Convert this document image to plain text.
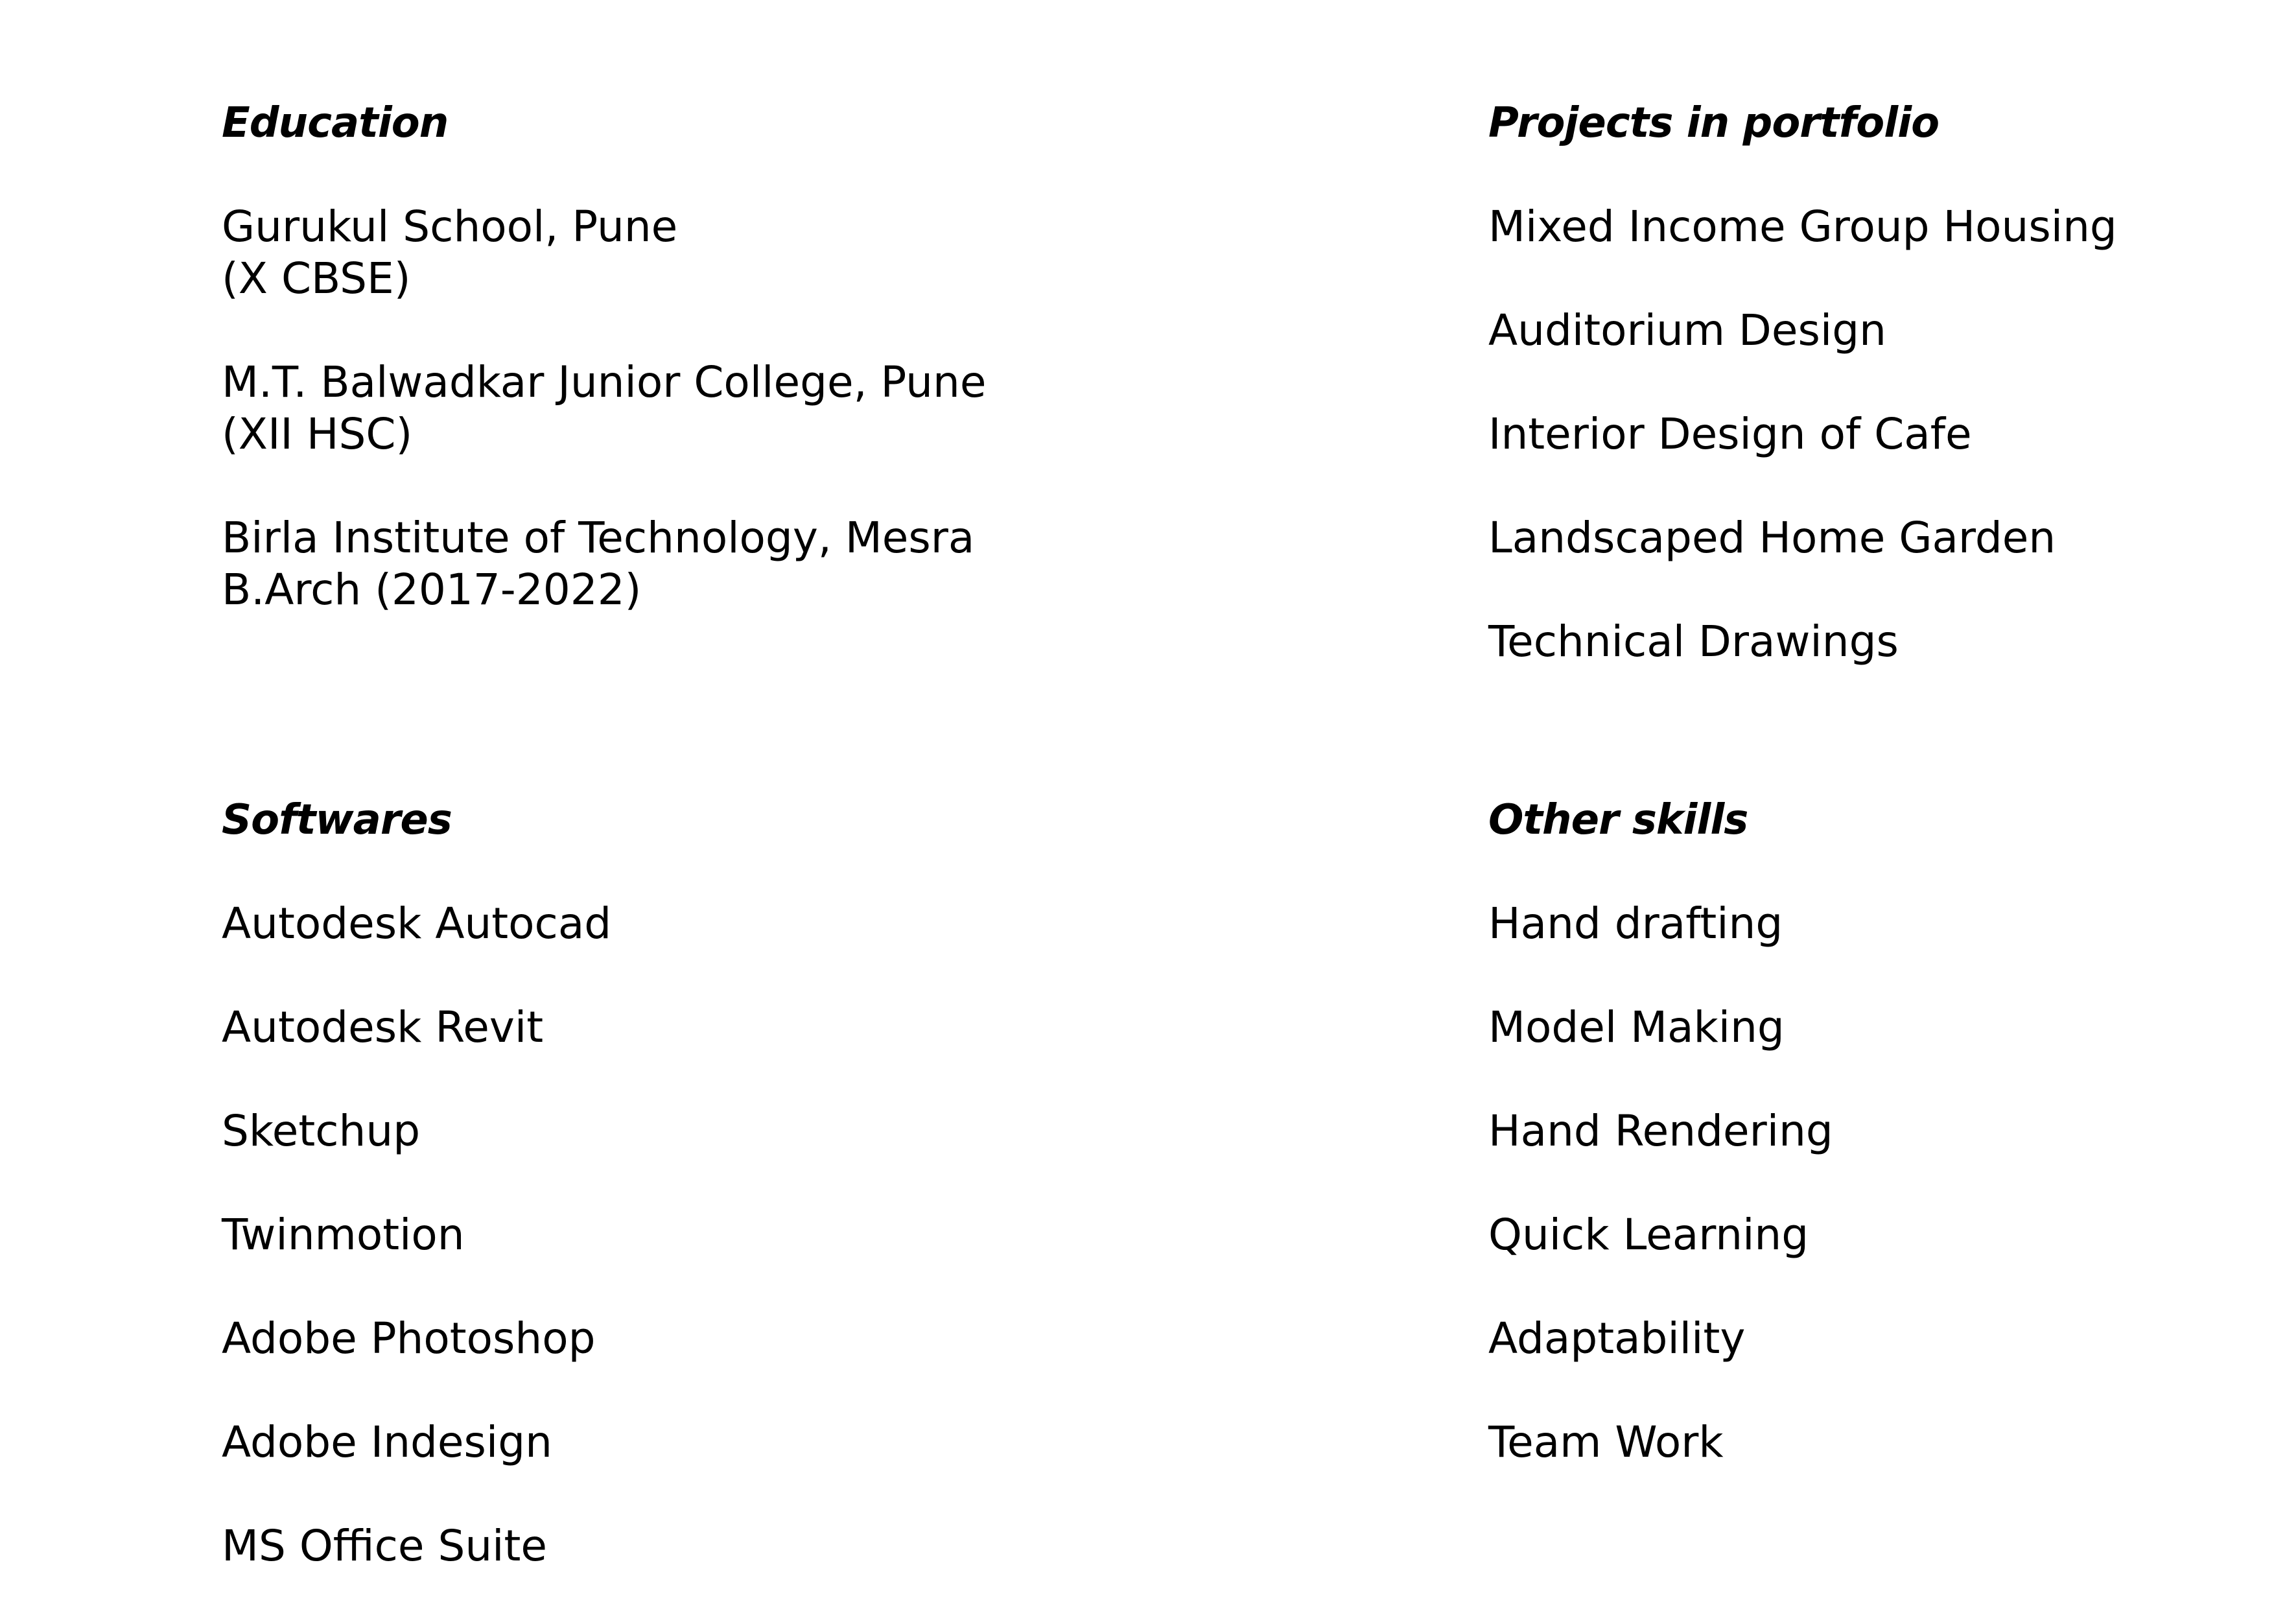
Education
Gurukul School, Pune
(X CBSE)
M.T. Balwadkar Junior College, Pune
(XII HSC)
Birla Institute of Technology, Mesra
B.Arch (2017-2022)
Projects in portfolio
Mixed Income Group Housing
Auditorium Design
Interior Design of Cafe
Landscaped Home Garden
Technical Drawings
Softwares
Autodesk Autocad
Autodesk Revit
Sketchup
Twinmotion
Adobe Photoshop
Adobe Indesign
MS Office Suite
Other skills
Hand drafting
Model Making
Hand Rendering
Quick Learning
Adaptability
Team Work
